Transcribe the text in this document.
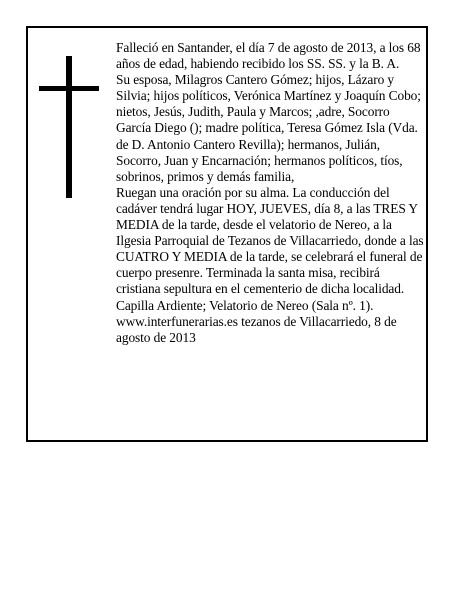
Falleció en Santander, el día 7 de agosto de 2013, a los 68 años de edad, habiendo recibido los SS. SS. y la B. A.

Su esposa, Milagros Cantero Gómez; hijos, Lázaro y Silvia; hijos políticos, Verónica Martínez y Joaquín Cobo; nietos, Jesús, Judith, Paula y Marcos; ,adre, Socorro García Diego (); madre política, Teresa Gómez Isla (Vda. de D. Antonio Cantero Revilla); hermanos, Julián, Socorro, Juan y Encarnación; hermanos políticos, tíos, sobrinos, primos y demás familia,

Ruegan una oración por su alma. La conducción del cadáver tendrá lugar HOY, JUEVES, día 8, a las TRES Y MEDIA de la tarde, desde el velatorio de Nereo, a la Ilgesia Parroquial de Tezanos de Villacarriedo, donde a las CUATRO Y MEDIA de la tarde, se celebrará el funeral de cuerpo presenre. Terminada la santa misa, recibirá cristiana sepultura en el cementerio de dicha localidad. Capilla Ardiente; Velatorio de Nereo (Sala nº. 1).

www.interfunerarias.es tezanos de Villacarriedo, 8 de agosto de 2013
